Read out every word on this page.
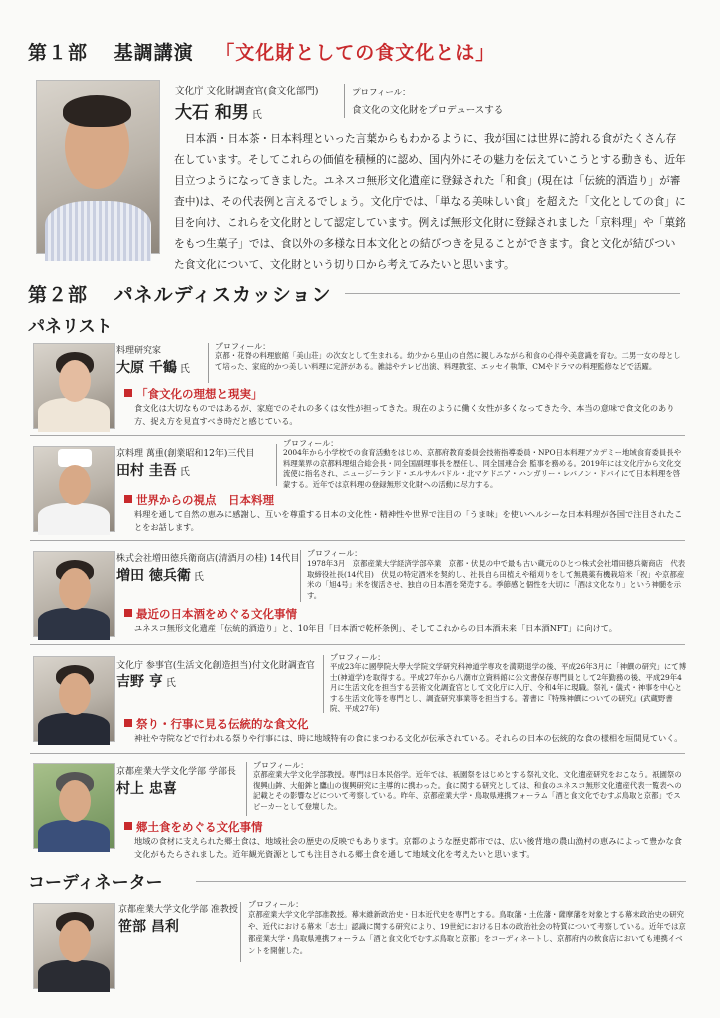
第１部 基調講演 「文化財としての食文化とは」
文化庁 文化財調査官(食文化部門)
大石 和男 氏
プロフィール：
食文化の文化財をプロデュースする
日本酒・日本茶・日本料理といった言葉からもわかるように、我が国には世界に誇れる食がたくさん存在しています。そしてこれらの価値を積極的に認め、国内外にその魅力を伝えていこうとする動きも、近年目立つようになってきました。ユネスコ無形文化遺産に登録された「和食」(現在は「伝統的酒造り」が審査中)は、その代表例と言えるでしょう。文化庁では、「単なる美味しい食」を超えた「文化としての食」に目を向け、これらを文化財として認定しています。例えば無形文化財に登録されました「京料理」や「菓銘をもつ生菓子」では、食以外の多様な日本文化との結びつきを見ることができます。食と文化が結びついた食文化について、文化財という切り口から考えてみたいと思います。
第２部 パネルディスカッション
パネリスト
料理研究家
大原 千鶴 氏
プロフィール：
京都・花脊の料理旅館「美山荘」の次女として生まれる。幼少から里山の自然に親しみながら和食の心得や美意識を育む。二男一女の母として培った、家庭的かつ美しい料理に定評がある。雑誌やテレビ出演、料理教室、エッセイ執筆、CMやドラマの料理監修などで活躍。
「食文化の理想と現実」
食文化は大切なものではあるが、家庭でのそれの多くは女性が担ってきた。現在のように働く女性が多くなってきた今、本当の意味で食文化のあり方、捉え方を見直すべき時だと感じている。
京料理 萬重(創業昭和12年)三代目
田村 圭吾 氏
プロフィール：
2004年から小学校での食育活動をはじめ、京都府教育委員会技術指導委員・NPO日本料理アカデミー地域食育委員長や料理業界の京都料理組合総会長・同全国副理事長を歴任し、同全国連合会 監事を務める。2019年には文化庁から文化交流使に指名され、ニュージーランド・エルサルバドル・北マケドニア・ハンガリー・レバノン・ドバイにて日本料理を啓蒙する。近年では京料理の登録無形文化財への活動に尽力する。
世界からの視点　日本料理
料理を通して自然の恵みに感謝し、互いを尊重する日本の文化性・精神性や世界で注目の「うま味」を使いヘルシーな日本料理が各国で注目されたことをお話します。
株式会社増田徳兵衛商店(清酒月の桂) 14代目
増田 徳兵衛 氏
プロフィール：
1978年3月　京都産業大学経済学部卒業　京都・伏見の中で最も古い蔵元のひとつ株式会社増田徳兵衛商店　代表取締役社長(14代目)　伏見の特定酒米を契約し、社長自ら田植えや稲刈りをして無農薬有機栽培米「祝」や京都産米の「旭4号」米を復活させ、独自の日本酒を発売する。季節感と個性を大切に「酒は文化なり」という神髄を示す。
最近の日本酒をめぐる文化事情
ユネスコ無形文化遺産「伝統的酒造り」と、10年目「日本酒で乾杯条例」、そしてこれからの日本酒未来「日本酒NFT」に向けて。
文化庁 参事官(生活文化創造担当)付文化財調査官
吉野 亨 氏
プロフィール：
平成23年に國學院大學大学院文学研究科神道学専攻を満期退学の後、平成26年3月に「神饌の研究」にて博士(神道学)を取得する。平成27年から八潮市立資料館に公文書保存専門員として2年勤務の後、平成29年4月に生活文化を担当する芸術文化調査官として文化庁に入庁、令和4年に現職。祭礼・儀式・神事を中心とする生活文化等を専門とし、調査研究事業等を担当する。著書に『特殊神饌についての研究』(武蔵野書院、平成27年)
祭り・行事に見る伝統的な食文化
神社や寺院などで行われる祭りや行事には、時に地域特有の食にまつわる文化が伝承されている。それらの日本の伝統的な食の様相を垣間見ていく。
京都産業大学文化学部 学部長
村上 忠喜
プロフィール：
京都産業大学文化学部教授。専門は日本民俗学。近年では、祇園祭をはじめとする祭礼文化、文化遺産研究をおこなう。祇園祭の復興山鉾、大船鉾と鷹山の復興研究に主導的に携わった。食に関する研究としては、和食のユネスコ無形文化遺産代表一覧表への記載とその影響などについて考察している。昨年、京都産業大学・鳥取県連携フォーラム「酒と食文化でむすぶ鳥取と京都」でスピーカーとして登壇した。
郷土食をめぐる文化事情
地域の食材に支えられた郷土食は、地域社会の歴史の反映でもあります。京都のような歴史都市では、広い後背地の農山漁村の恵みによって豊かな食文化がもたらされました。近年観光資源としても注目される郷土食を通して地域文化を考えたいと思います。
コーディネーター
京都産業大学文化学部 准教授
笹部 昌利
プロフィール：
京都産業大学文化学部准教授。幕末維新政治史・日本近代史を専門とする。鳥取藩・土佐藩・薩摩藩を対象とする幕末政治史の研究や、近代における幕末「志士」認識に関する研究により、19世紀における日本の政治社会の特質について考察している。近年では京都産業大学・鳥取県連携フォーラム「酒と食文化でむすぶ鳥取と京都」をコーディネートし、京都府内の飲食店においても連携イベントを開催した。
